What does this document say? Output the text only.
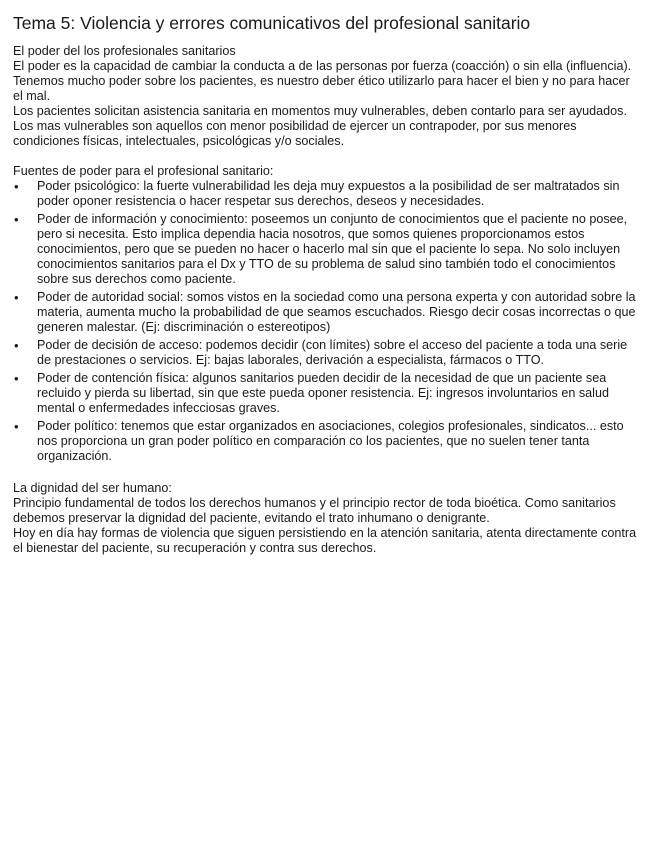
Tema 5: Violencia y errores comunicativos del profesional sanitario

El poder del los profesionales sanitarios

El poder es la capacidad de cambiar la conducta a de las personas por fuerza (coacción) o sin ella (influencia). Tenemos mucho poder sobre los pacientes, es nuestro deber ético utilizarlo para hacer el bien y no para hacer el mal.

Los pacientes solicitan asistencia sanitaria en momentos muy vulnerables, deben contarlo para ser ayudados. Los mas vulnerables son aquellos con menor posibilidad de ejercer un contrapoder, por sus menores condiciones físicas, intelectuales, psicológicas y/o sociales.

Fuentes de poder para el profesional sanitario:

• Poder psicológico: la fuerte vulnerabilidad les deja muy expuestos a la posibilidad de ser maltratados sin poder oponer resistencia o hacer respetar sus derechos, deseos y necesidades.
• Poder de información y conocimiento: poseemos un conjunto de conocimientos que el paciente no posee, pero si necesita. Esto implica dependia hacia nosotros, que somos quienes proporcionamos estos conocimientos, pero que se pueden no hacer o hacerlo mal sin que el paciente lo sepa. No solo incluyen conocimientos sanitarios para el Dx y TTO de su problema de salud sino también todo el conocimientos sobre sus derechos como paciente.
• Poder de autoridad social: somos vistos en la sociedad como una persona experta y con autoridad sobre la materia, aumenta mucho la probabilidad de que seamos escuchados. Riesgo decir cosas incorrectas o que generen malestar. (Ej: discriminación o estereotipos)
• Poder de decisión de acceso: podemos decidir (con límites) sobre el acceso del paciente a toda una serie de prestaciones o servicios. Ej: bajas laborales, derivación a especialista, fármacos o TTO.
• Poder de contención física: algunos sanitarios pueden decidir de la necesidad de que un paciente sea recluido y pierda su libertad, sin que este pueda oponer resistencia. Ej: ingresos involuntarios en salud mental o enfermedades infecciosas graves.
• Poder político: tenemos que estar organizados en asociaciones, colegios profesionales, sindicatos... esto nos proporciona un gran poder político en comparación co los pacientes, que no suelen tener tanta organización.

La dignidad del ser humano:

Principio fundamental de todos los derechos humanos y el principio rector de toda bioética. Como sanitarios debemos preservar la dignidad del paciente, evitando el trato inhumano o denigrante.

Hoy en día hay formas de violencia que siguen persistiendo en la atención sanitaria, atenta directamente contra el bienestar del paciente, su recuperación y contra sus derechos.
